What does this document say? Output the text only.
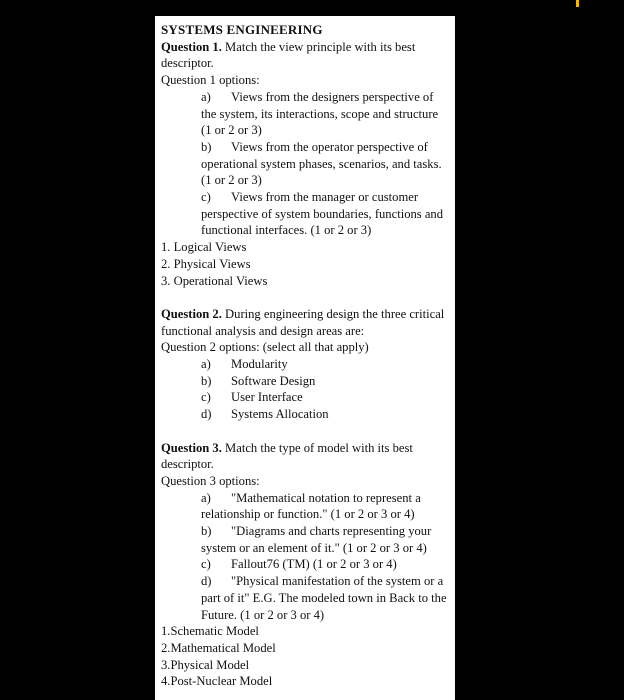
SYSTEMS ENGINEERING
Question 1. Match the view principle with its best descriptor.
Question 1 options:
a) Views from the designers perspective of the system, its interactions, scope and structure          (1 or 2 or 3)
b) Views from the operator perspective of operational system phases, scenarios, and tasks.        (1 or 2 or 3)
c) Views from the manager or customer perspective of system boundaries, functions and functional interfaces. (1 or 2 or 3)
1. Logical Views
2. Physical Views
3. Operational Views
Question 2. During engineering design the three critical functional analysis and design areas are:
Question 2 options: (select all that apply)
a) Modularity
b) Software Design
c) User Interface
d) Systems Allocation
Question 3. Match the type of model with its best descriptor.
Question 3 options:
a) "Mathematical notation to represent a relationship or function." (1 or 2 or 3 or 4)
b) "Diagrams and charts representing your system or an element of it." (1 or 2 or 3 or 4)
c) Fallout76 (TM) (1 or 2 or 3 or 4)
d) "Physical manifestation of the system or a part of it" E.G. The modeled town in Back to the Future. (1 or 2 or 3 or 4)
1.Schematic Model
2.Mathematical Model
3.Physical Model
4.Post-Nuclear Model
